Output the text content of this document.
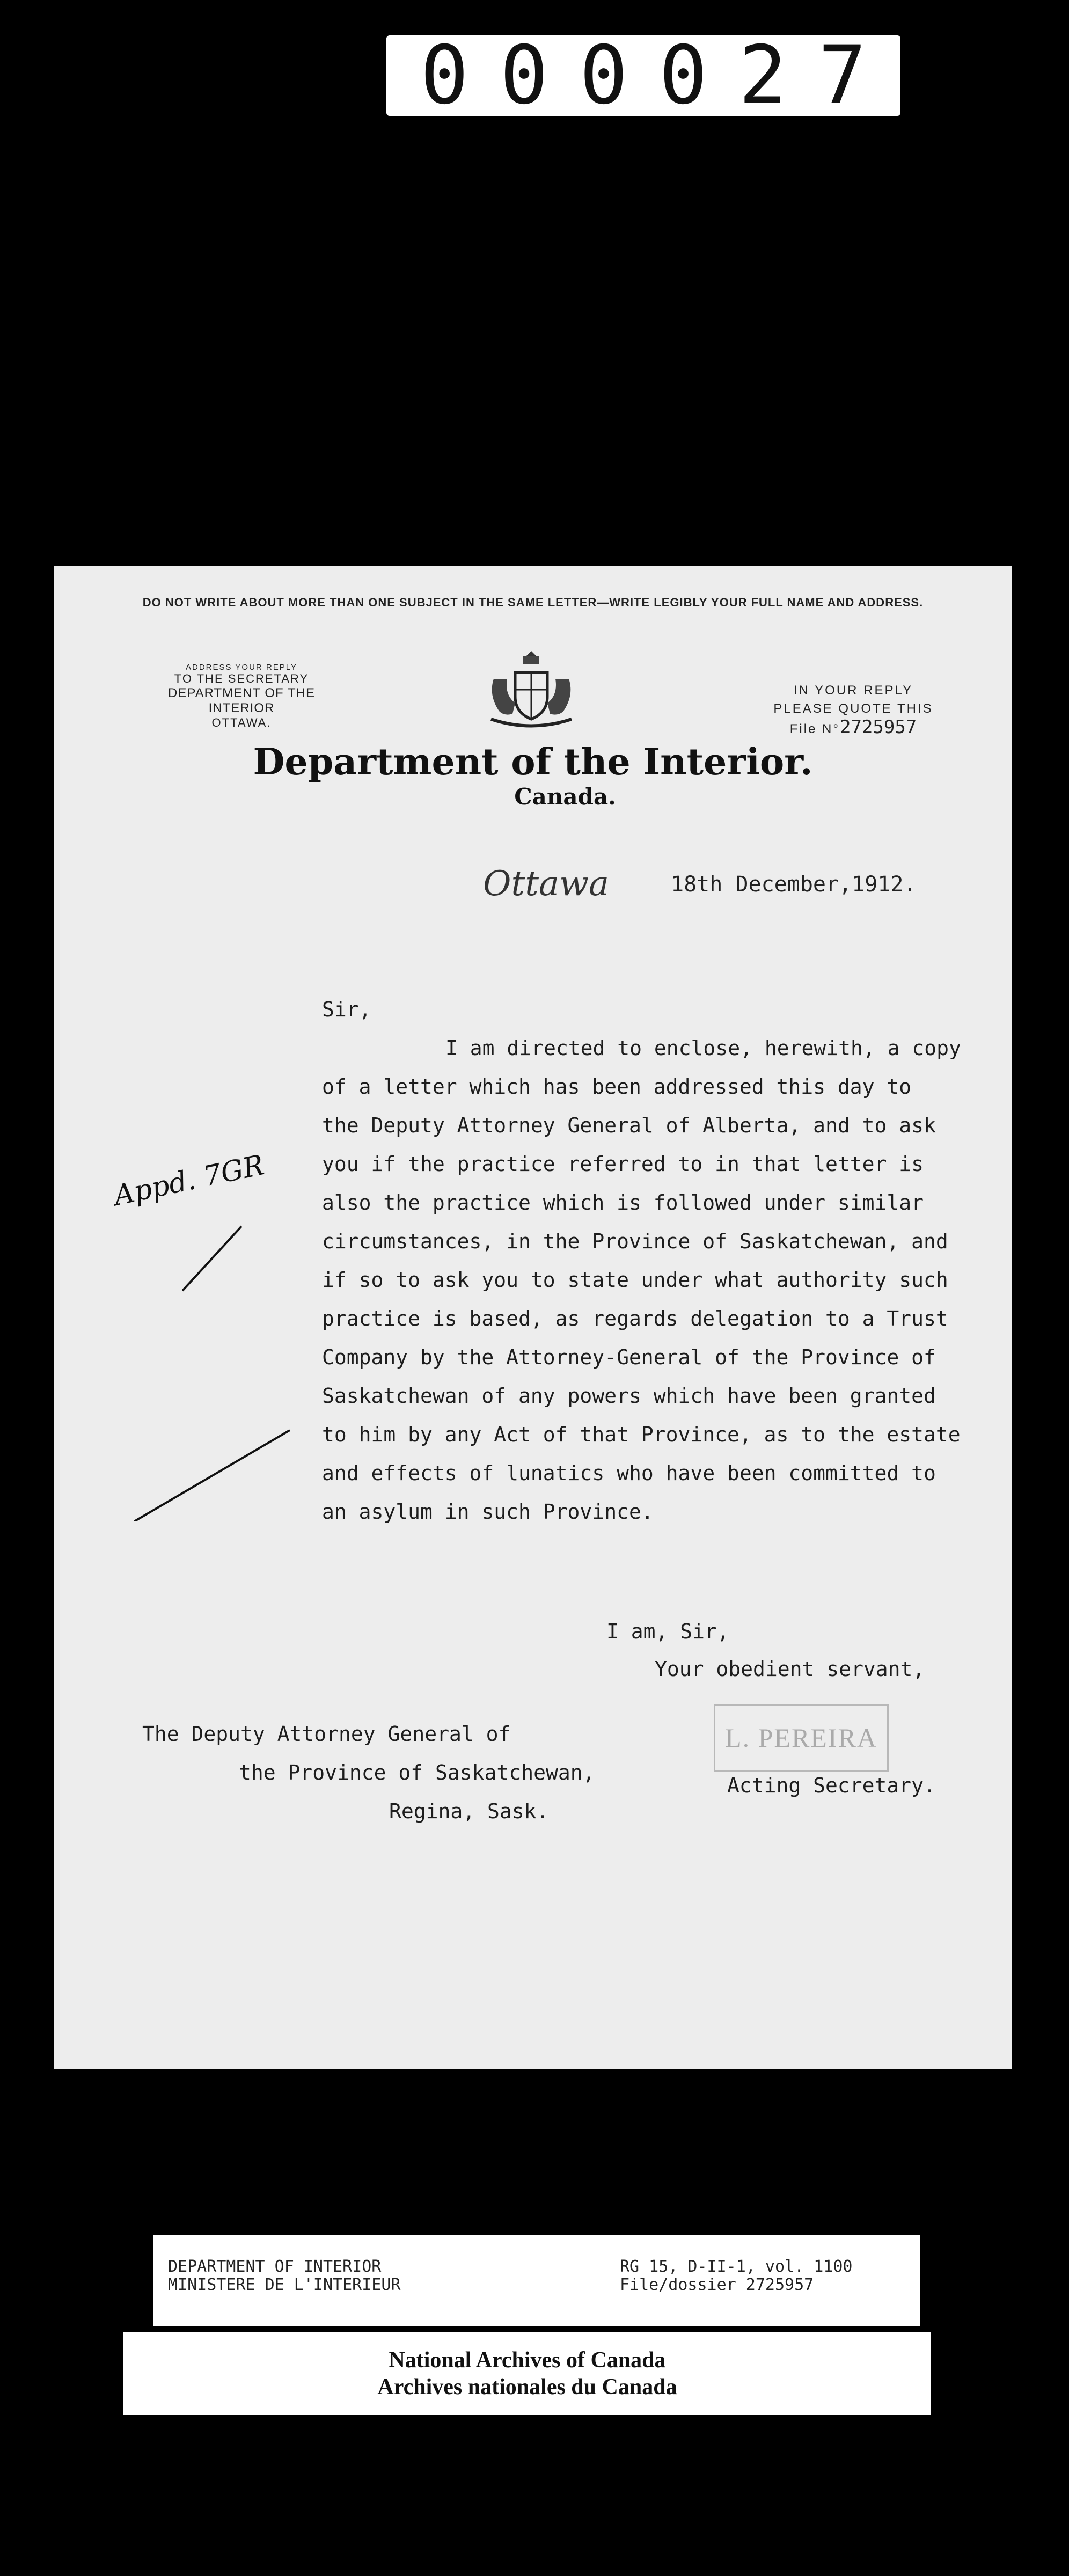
000027
DO NOT WRITE ABOUT MORE THAN ONE SUBJECT IN THE SAME LETTER—WRITE LEGIBLY YOUR FULL NAME AND ADDRESS.
ADDRESS YOUR REPLY
TO THE SECRETARY
DEPARTMENT OF THE INTERIOR
OTTAWA.
IN YOUR REPLY
PLEASE QUOTE THIS
File N°2725957
Department of the Interior.
Canada.
Ottawa	18th December,1912.

Sir,

I am directed to enclose, herewith, a copy

of a letter which has been addressed this day to

the Deputy Attorney General of Alberta, and to ask

you if the practice referred to in that letter is

also the practice which is followed under similar

circumstances, in the Province of Saskatchewan, and

if so to ask you to state under what authority such

practice is based, as regards delegation to a Trust

Company by the Attorney-General of the Province of

Saskatchewan of any powers which have been granted

to him by any Act of that Province, as to the estate

and effects of lunatics who have been committed to

an asylum in such Province.

Appd. 7GR

I am, Sir,

Your obedient servant,

The Deputy Attorney General of

the Province of Saskatchewan,

Regina, Sask.

L. PEREIRA
Acting Secretary.
DEPARTMENT OF INTERIOR
MINISTERE DE L'INTERIEUR
RG 15, D-II-1, vol. 1100
File/dossier 2725957
National Archives of Canada
Archives nationales du Canada
